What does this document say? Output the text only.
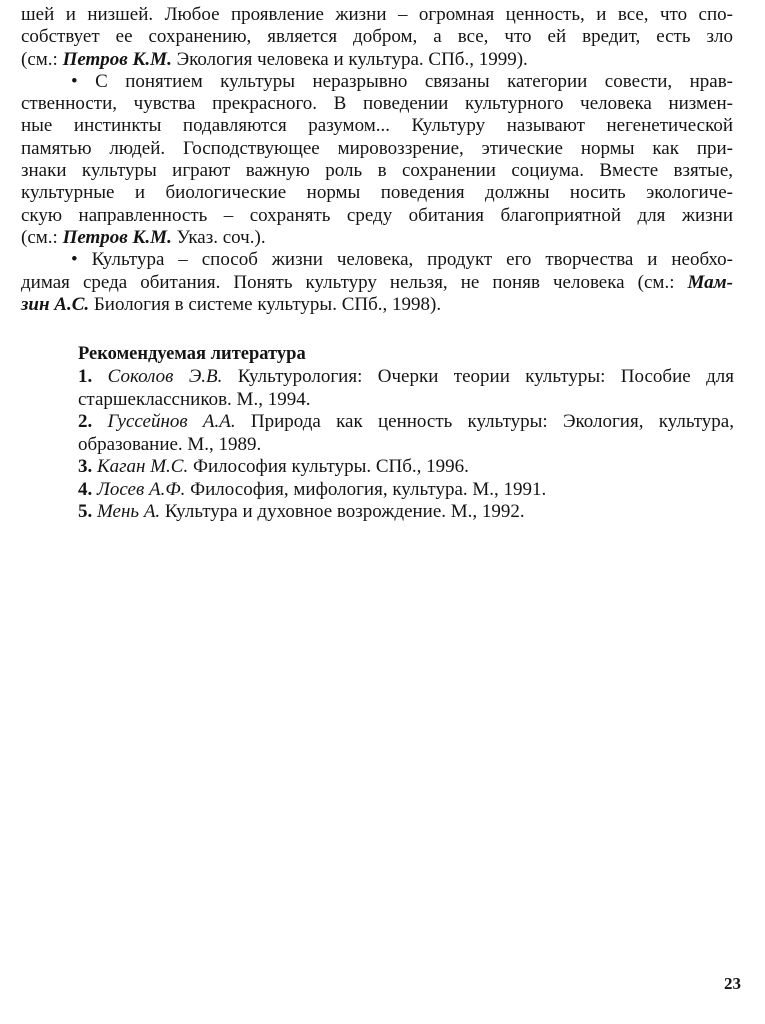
шей и низшей. Любое проявление жизни – огромная ценность, и все, что спо-
собствует ее сохранению, является добром, а все, что ей вредит, есть зло
(см.: Петров К.М. Экология человека и культура. СПб., 1999).
• С понятием культуры неразрывно связаны категории совести, нрав-
ственности, чувства прекрасного. В поведении культурного человека низмен-
ные инстинкты подавляются разумом... Культуру называют негенетической
памятью людей. Господствующее мировоззрение, этические нормы как при-
знаки культуры играют важную роль в сохранении социума. Вместе взятые,
культурные и биологические нормы поведения должны носить экологиче-
скую направленность – сохранять среду обитания благоприятной для жизни
(см.: Петров К.М. Указ. соч.).
• Культура – способ жизни человека, продукт его творчества и необхо-
димая среда обитания. Понять культуру нельзя, не поняв человека (см.: Мам-
зин А.С. Биология в системе культуры. СПб., 1998).
Рекомендуемая литература
1. Соколов Э.В. Культурология: Очерки теории культуры: Пособие для
старшеклассников. М., 1994.
2. Гуссейнов А.А. Природа как ценность культуры: Экология, культура,
образование. М., 1989.
3. Каган М.С. Философия культуры. СПб., 1996.
4. Лосев А.Ф. Философия, мифология, культура. М., 1991.
5. Мень А. Культура и духовное возрождение. М., 1992.
23
